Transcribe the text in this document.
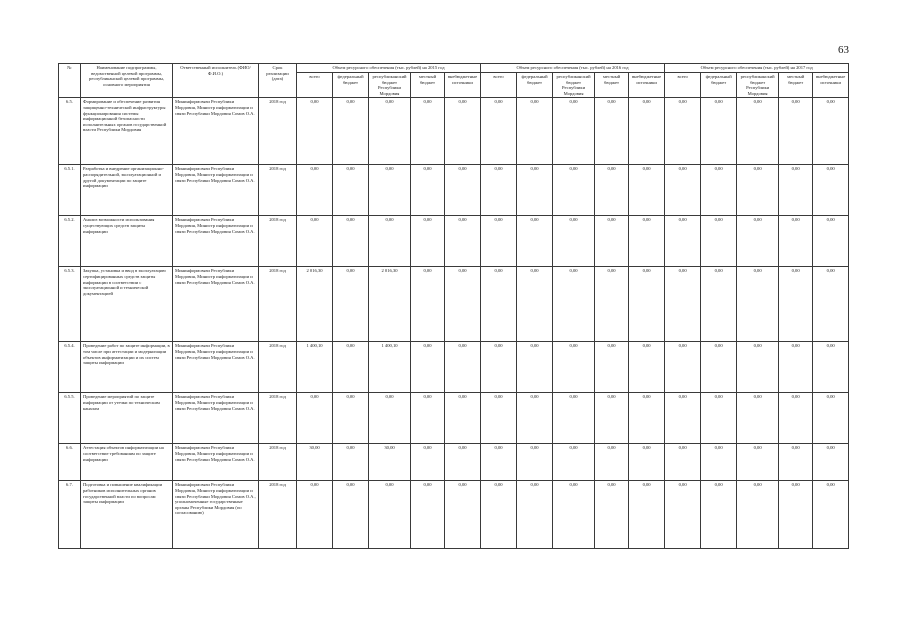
63
№	Наименование подпрограммы, ведомственной целевой программы, республиканской целевой программы, основного мероприятия	Ответственный исполнитель (ФИО/Ф.И.О.)	Срок реализации (дата)	Объем ресурсного обеспечения (тыс. рублей) на 2015 год					Объем ресурсного обеспечения (тыс. рублей) на 2016 год					Объем ресурсного обеспечения (тыс. рублей) на 2017 год				
				всего	федеральный бюджет	республиканский бюджет Республики Мордовия	местный бюджет	внебюджетные источники	всего	федеральный бюджет	республиканский бюджет Республики Мордовия	местный бюджет	внебюджетные источники	всего	федеральный бюджет	республиканский бюджет Республики Мордовия	местный бюджет	внебюджетные источники
6.5.	Формирование и обеспечение развития защищенно-технической инфраструктуры функционирования системы информационной безопасности исполнительных органов государственной власти Республики Мордовия	Мининформсвязи Республики Мордовия, Министр информатизации и связи Республики Мордовия Сомов О.А.	2018 год	0,00	0,00	0,00	0,00	0,00	0,00	0,00	0,00	0,00	0,00	0,00	0,00	0,00	0,00	0,00
6.5.1.	Разработка и внедрение организационно-распорядительной, эксплуатационной и другой документации по защите информации	Мининформсвязи Республики Мордовия, Министр информатизации и связи Республики Мордовия Сомов О.А.	2018 год	0,00	0,00	0,00	0,00	0,00	0,00	0,00	0,00	0,00	0,00	0,00	0,00	0,00	0,00	0,00
6.5.2.	Анализ возможности использования существующих средств защиты информации	Мининформсвязи Республики Мордовия, Министр информатизации и связи Республики Мордовия Сомов О.А.	2018 год	0,00	0,00	0,00	0,00	0,00	0,00	0,00	0,00	0,00	0,00	0,00	0,00	0,00	0,00	0,00
6.5.3.	Закупка, установка и ввод в эксплуатацию сертифицированных средств защиты информации в соответствии с эксплуатационной и технической документацией	Мининформсвязи Республики Мордовия, Министр информатизации и связи Республики Мордовия Сомов О.А.	2018 год	2 016,30	0,00	2 016,30	0,00	0,00	0,00	0,00	0,00	0,00	0,00	0,00	0,00	0,00	0,00	0,00
6.5.4.	Проведение работ по защите информации, в том числе при аттестации и модернизации объектов информатизации и их систем защиты информации	Мининформсвязи Республики Мордовия, Министр информатизации и связи Республики Мордовия Сомов О.А.	2018 год	1 400,10	0,00	1 400,10	0,00	0,00	0,00	0,00	0,00	0,00	0,00	0,00	0,00	0,00	0,00	0,00
6.5.5.	Проведение мероприятий по защите информации от утечки по техническим каналам	Мининформсвязи Республики Мордовия, Министр информатизации и связи Республики Мордовия Сомов О.А.	2018 год	0,00	0,00	0,00	0,00	0,00	0,00	0,00	0,00	0,00	0,00	0,00	0,00	0,00	0,00	0,00
6.6.	Аттестация объектов информатизации на соответствие требованиям по защите информации	Мининформсвязи Республики Мордовия, Министр информатизации и связи Республики Мордовия Сомов О.А.	2018 год	30,00	0,00	30,00	0,00	0,00	0,00	0,00	0,00	0,00	0,00	0,00	0,00	0,00	0,00	0,00
6.7.	Подготовка и повышение квалификации работников исполнительных органов государственной власти по вопросам защиты информации	Мининформсвязи Республики Мордовия, Министр информатизации и связи Республики Мордовия Сомов О.А., уполномоченные государственные органы Республики Мордовия (по согласованию)	2018 год	0,00	0,00	0,00	0,00	0,00	0,00	0,00	0,00	0,00	0,00	0,00	0,00	0,00	0,00	0,00
